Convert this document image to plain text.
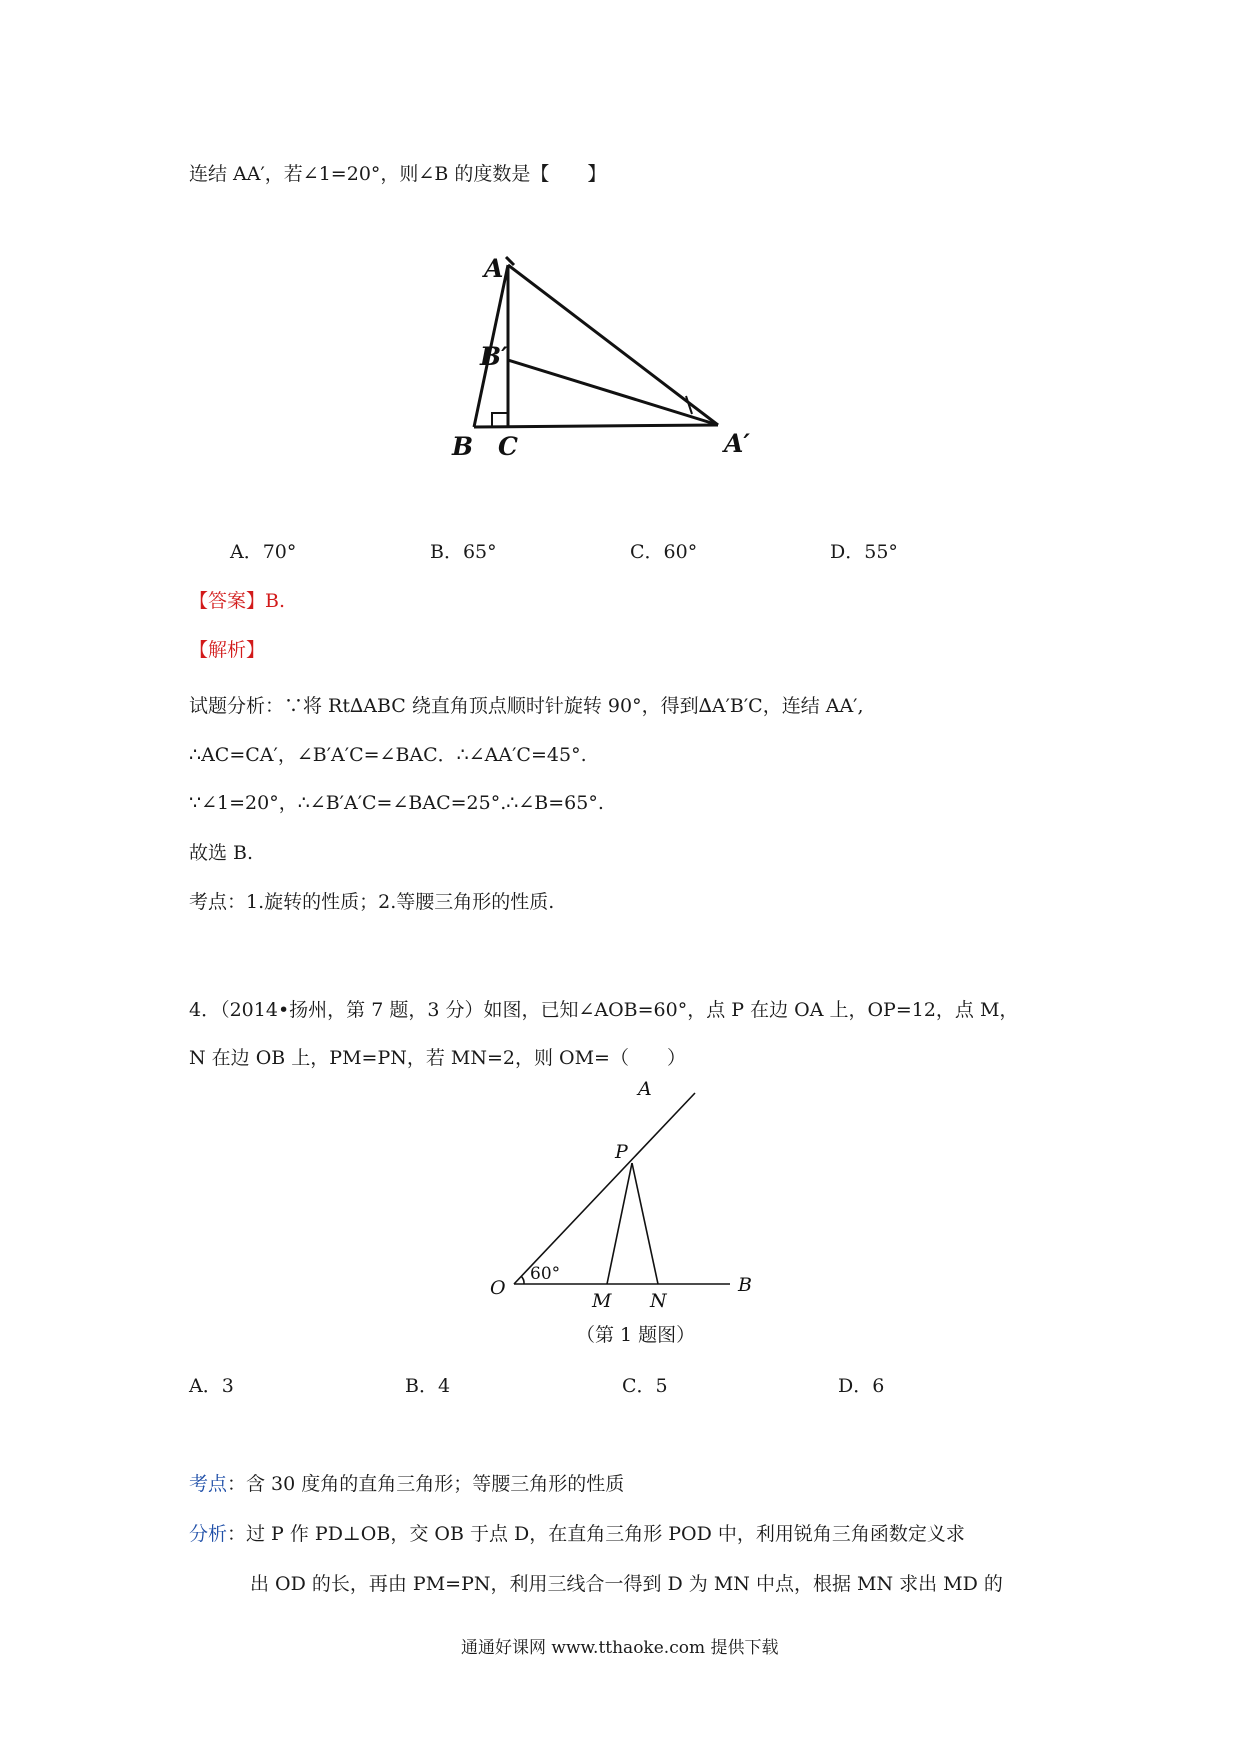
连结 AA′，若∠1=20°，则∠B 的度数是【　　】
A
B′
B C	A′
A．70°	B．65°	C．60°	D．55°
【答案】B.
【解析】
试题分析：∵将 Rt∆ABC 绕直角顶点顺时针旋转 90°，得到∆A′B′C，连结 AA′,
∴AC=CA′，∠B′A′C=∠BAC．∴∠AA′C=45°.
∵∠1=20°，∴∠B′A′C=∠BAC=25°.∴∠B=65°.
故选 B.
考点：1.旋转的性质；2.等腰三角形的性质.
4．（2014•扬州，第 7 题，3 分）如图，已知∠AOB=60°，点 P 在边 OA 上，OP=12，点 M，
N 在边 OB 上，PM=PN，若 MN=2，则 OM=（　　）
A
P
O
M N
B
60°
（第 1 题图）
A．3	B．4	C．5	D．6
考点：含 30 度角的直角三角形；等腰三角形的性质
分析：过 P 作 PD⊥OB，交 OB 于点 D，在直角三角形 POD 中，利用锐角三角函数定义求
出 OD 的长，再由 PM=PN，利用三线合一得到 D 为 MN 中点，根据 MN 求出 MD 的
通通好课网 www.tthaoke.com 提供下载
